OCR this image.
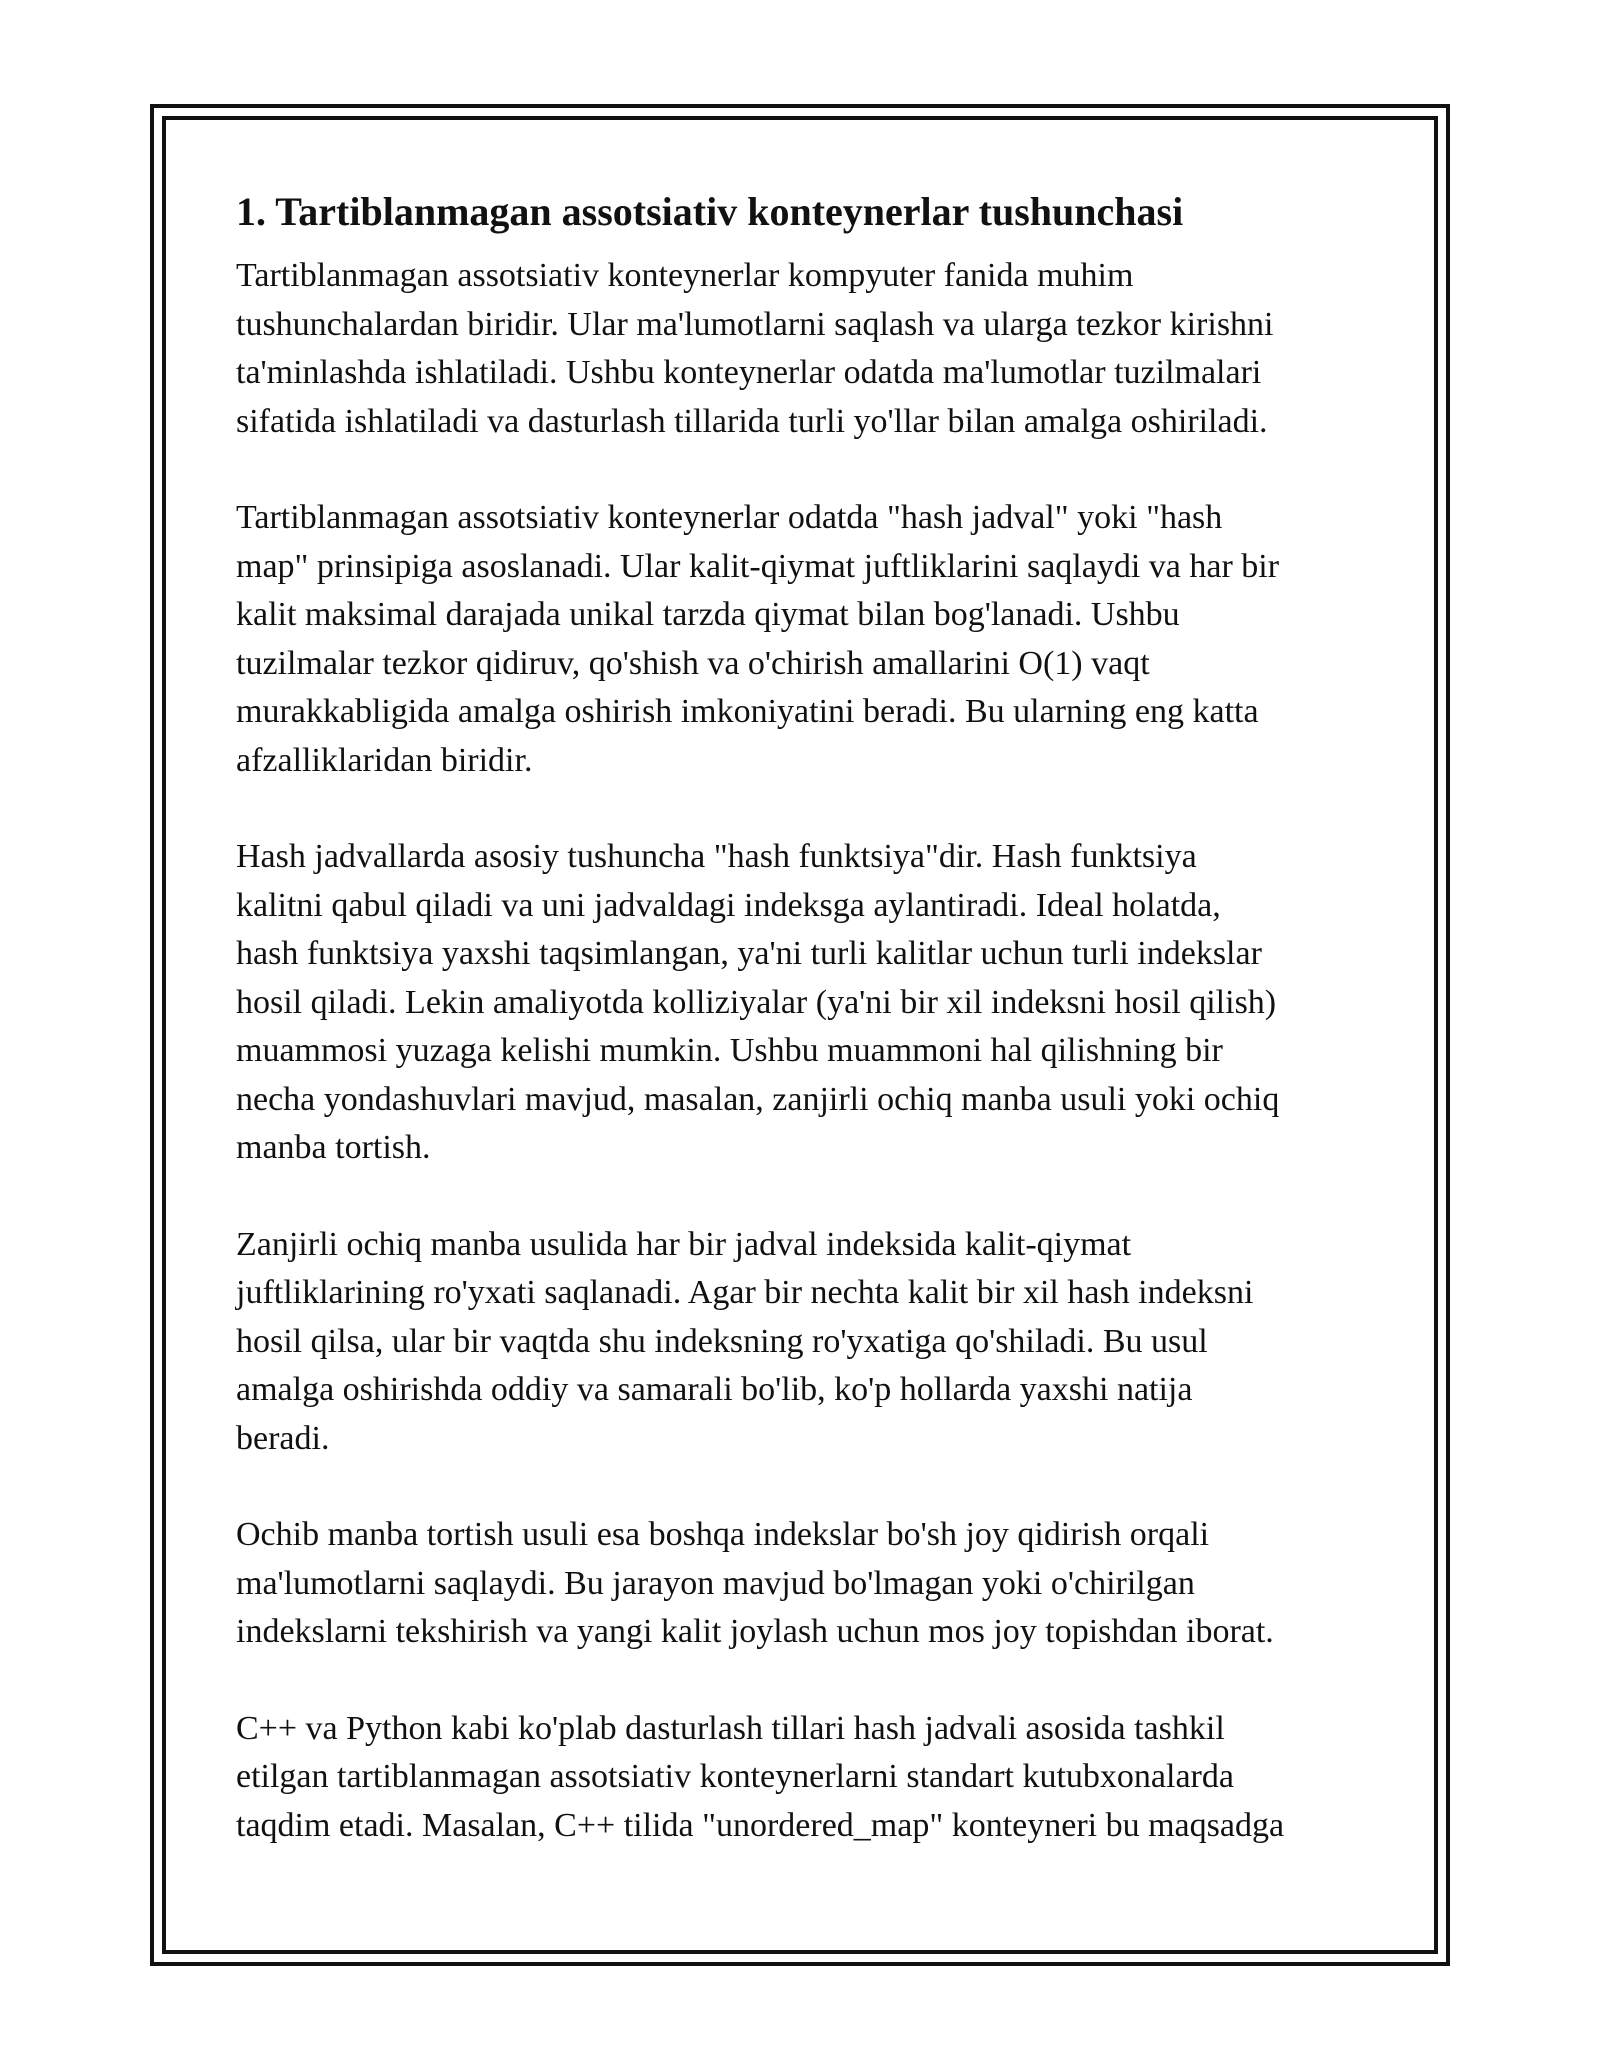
1. Tartiblanmagan assotsiativ konteynerlar tushunchasi

Tartiblanmagan assotsiativ konteynerlar kompyuter fanida muhim
tushunchalardan biridir. Ular ma'lumotlarni saqlash va ularga tezkor kirishni
ta'minlashda ishlatiladi. Ushbu konteynerlar odatda ma'lumotlar tuzilmalari
sifatida ishlatiladi va dasturlash tillarida turli yo'llar bilan amalga oshiriladi.

Tartiblanmagan assotsiativ konteynerlar odatda "hash jadval" yoki "hash
map" prinsipiga asoslanadi. Ular kalit-qiymat juftliklarini saqlaydi va har bir
kalit maksimal darajada unikal tarzda qiymat bilan bog'lanadi. Ushbu
tuzilmalar tezkor qidiruv, qo'shish va o'chirish amallarini O(1) vaqt
murakkabligida amalga oshirish imkoniyatini beradi. Bu ularning eng katta
afzalliklaridan biridir.

Hash jadvallarda asosiy tushuncha "hash funktsiya"dir. Hash funktsiya
kalitni qabul qiladi va uni jadvaldagi indeksga aylantiradi. Ideal holatda,
hash funktsiya yaxshi taqsimlangan, ya'ni turli kalitlar uchun turli indekslar
hosil qiladi. Lekin amaliyotda kolliziyalar (ya'ni bir xil indeksni hosil qilish)
muammosi yuzaga kelishi mumkin. Ushbu muammoni hal qilishning bir
necha yondashuvlari mavjud, masalan, zanjirli ochiq manba usuli yoki ochiq
manba tortish.

Zanjirli ochiq manba usulida har bir jadval indeksida kalit-qiymat
juftliklarining ro'yxati saqlanadi. Agar bir nechta kalit bir xil hash indeksni
hosil qilsa, ular bir vaqtda shu indeksning ro'yxatiga qo'shiladi. Bu usul
amalga oshirishda oddiy va samarali bo'lib, ko'p hollarda yaxshi natija
beradi.

Ochib manba tortish usuli esa boshqa indekslar bo'sh joy qidirish orqali
ma'lumotlarni saqlaydi. Bu jarayon mavjud bo'lmagan yoki o'chirilgan
indekslarni tekshirish va yangi kalit joylash uchun mos joy topishdan iborat.

C++ va Python kabi ko'plab dasturlash tillari hash jadvali asosida tashkil
etilgan tartiblanmagan assotsiativ konteynerlarni standart kutubxonalarda
taqdim etadi. Masalan, C++ tilida "unordered_map" konteyneri bu maqsadga
